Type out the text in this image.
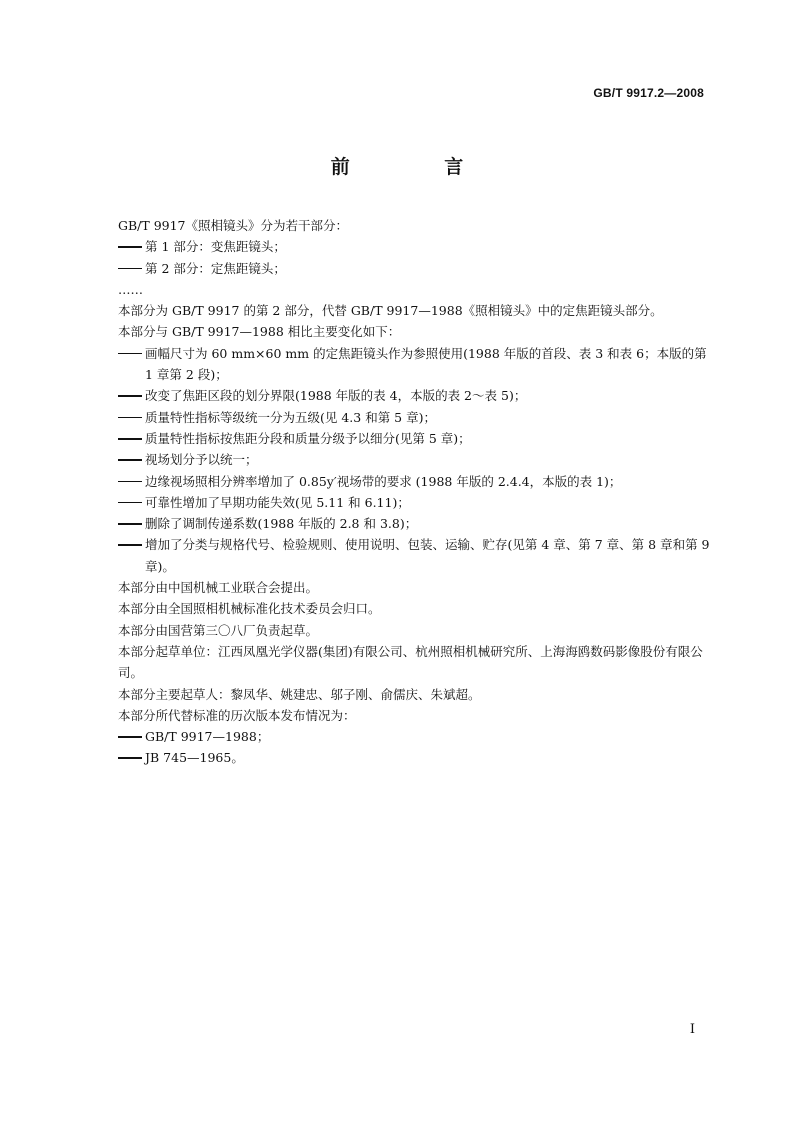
GB/T 9917.2—2008
前 言
GB/T 9917《照相镜头》分为若干部分：
第 1 部分：变焦距镜头；
第 2 部分：定焦距镜头；
……
本部分为 GB/T 9917 的第 2 部分，代替 GB/T 9917—1988《照相镜头》中的定焦距镜头部分。
本部分与 GB/T 9917—1988 相比主要变化如下：
画幅尺寸为 60 mm×60 mm 的定焦距镜头作为参照使用(1988 年版的首段、表 3 和表 6；本版的第 1 章第 2 段)；
改变了焦距区段的划分界限(1988 年版的表 4，本版的表 2～表 5)；
质量特性指标等级统一分为五级(见 4.3 和第 5 章)；
质量特性指标按焦距分段和质量分级予以细分(见第 5 章)；
视场划分予以统一；
边缘视场照相分辨率增加了 0.85y′视场带的要求 (1988 年版的 2.4.4，本版的表 1)；
可靠性增加了早期功能失效(见 5.11 和 6.11)；
删除了调制传递系数(1988 年版的 2.8 和 3.8)；
增加了分类与规格代号、检验规则、使用说明、包装、运输、贮存(见第 4 章、第 7 章、第 8 章和第 9 章)。
本部分由中国机械工业联合会提出。
本部分由全国照相机械标准化技术委员会归口。
本部分由国营第三〇八厂负责起草。
本部分起草单位：江西凤凰光学仪器(集团)有限公司、杭州照相机械研究所、上海海鸥数码影像股份有限公司。
本部分主要起草人：黎凤华、姚建忠、邬子刚、俞儒庆、朱斌超。
本部分所代替标准的历次版本发布情况为：
GB/T 9917—1988；
JB 745—1965。
I
